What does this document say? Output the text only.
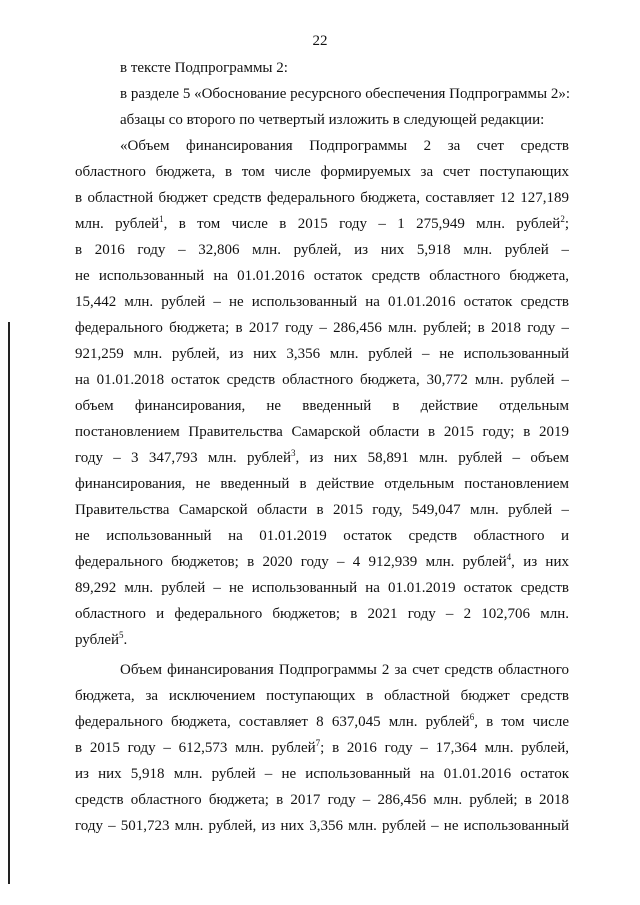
22
в тексте Подпрограммы 2:
в разделе 5 «Обоснование ресурсного обеспечения Подпрограммы 2»:
абзацы со второго по четвертый изложить в следующей редакции:
«Объем финансирования Подпрограммы 2 за счет средств
областного бюджета, в том числе формируемых за счет поступающих
в областной бюджет средств федерального бюджета, составляет 12 127,189
млн. рублей$^1$, в том числе в 2015 году – 1 275,949 млн. рублей$^2$;
в 2016 году – 32,806 млн. рублей, из них 5,918 млн. рублей –
не использованный на 01.01.2016 остаток средств областного бюджета,
15,442 млн. рублей – не использованный на 01.01.2016 остаток средств
федерального бюджета; в 2017 году – 286,456 млн. рублей; в 2018 году –
921,259 млн. рублей, из них 3,356 млн. рублей – не использованный
на 01.01.2018 остаток средств областного бюджета, 30,772 млн. рублей –
объем финансирования, не введенный в действие отдельным
постановлением Правительства Самарской области в 2015 году; в 2019
году – 3 347,793 млн. рублей$^3$, из них 58,891 млн. рублей – объем
финансирования, не введенный в действие отдельным постановлением
Правительства Самарской области в 2015 году, 549,047 млн. рублей –
не использованный на 01.01.2019 остаток средств областного и
федерального бюджетов; в 2020 году – 4 912,939 млн. рублей$^4$, из них
89,292 млн. рублей – не использованный на 01.01.2019 остаток средств
областного и федерального бюджетов; в 2021 году – 2 102,706 млн.
рублей$^5$.
Объем финансирования Подпрограммы 2 за счет средств областного
бюджета, за исключением поступающих в областной бюджет средств
федерального бюджета, составляет 8 637,045 млн. рублей$^6$, в том числе
в 2015 году – 612,573 млн. рублей$^7$; в 2016 году – 17,364 млн. рублей,
из них 5,918 млн. рублей – не использованный на 01.01.2016 остаток
средств областного бюджета; в 2017 году – 286,456 млн. рублей; в 2018
году – 501,723 млн. рублей, из них 3,356 млн. рублей – не использованный
